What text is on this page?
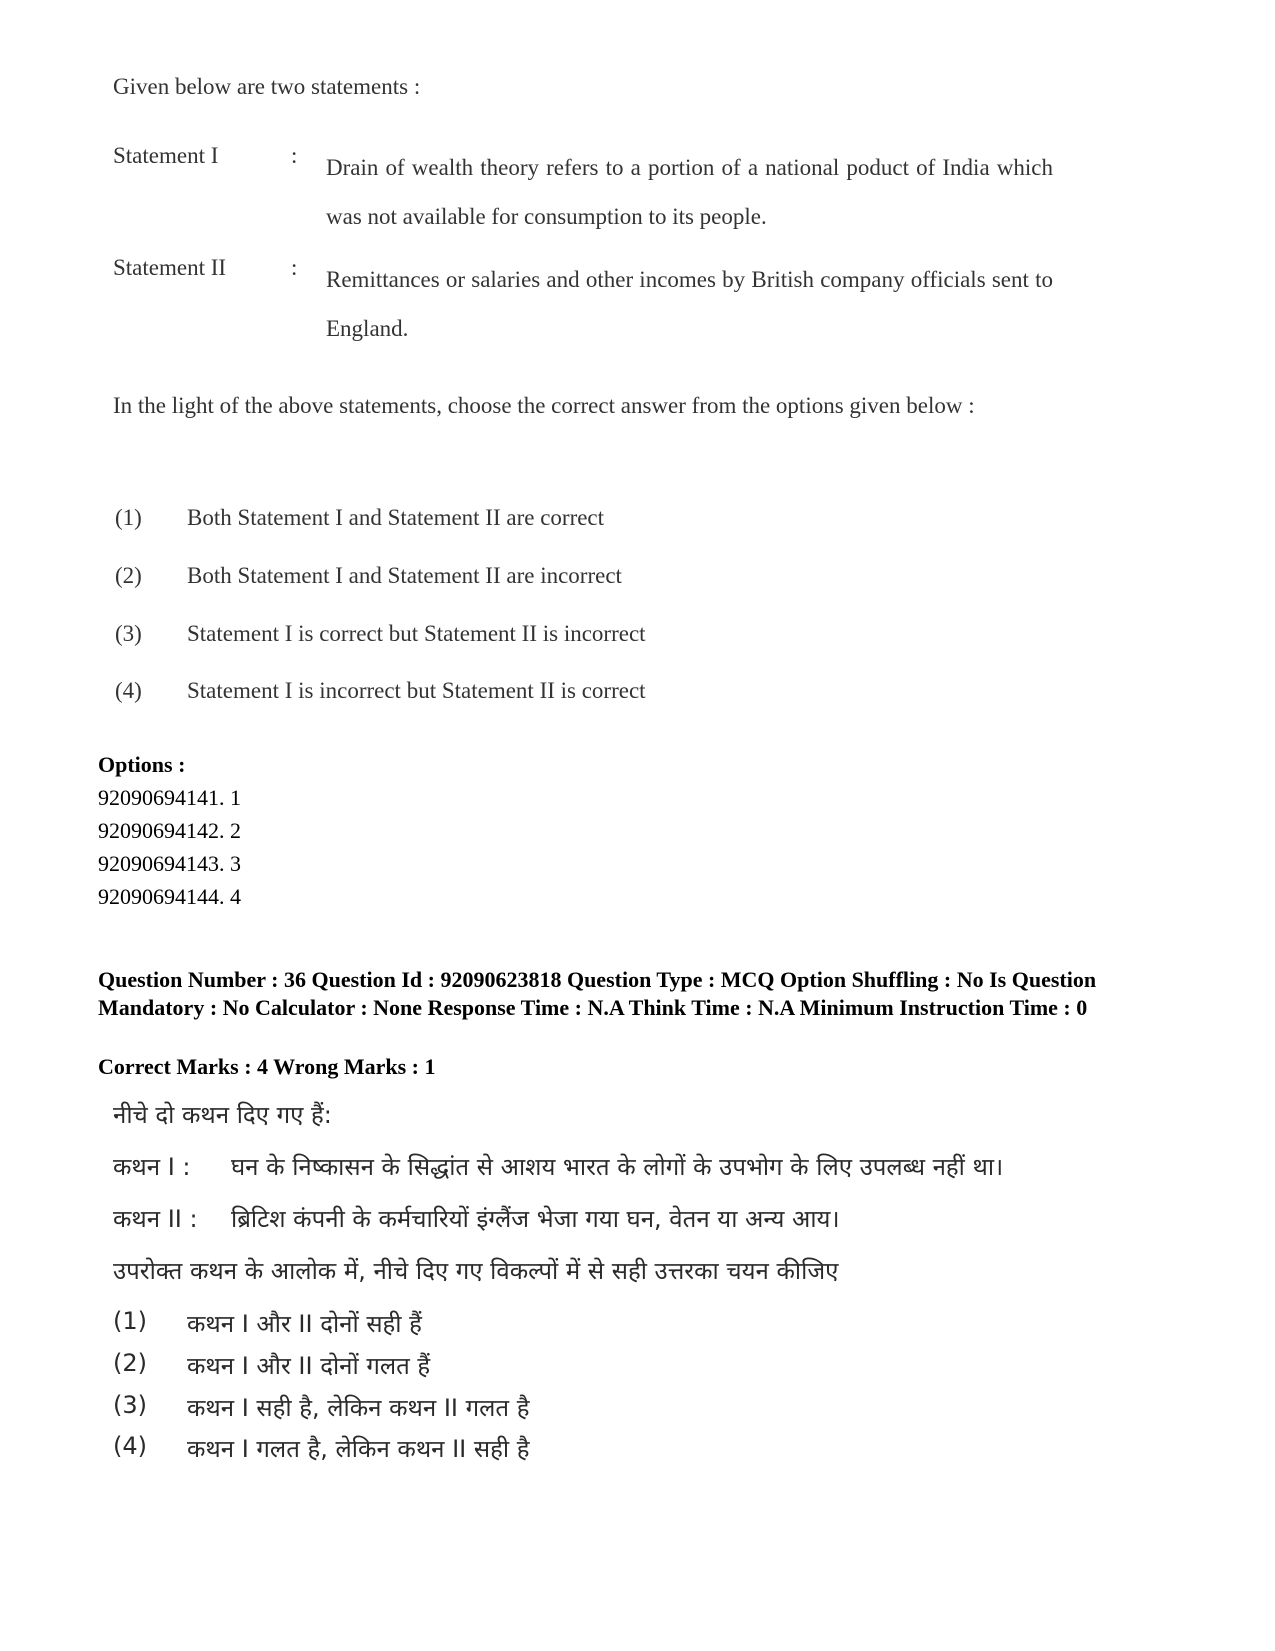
Given below are two statements :
Statement I	: Drain of wealth theory refers to a portion of a national poduct of India which was not available for consumption to its people.
Statement II	: Remittances or salaries and other incomes by British company officials sent to England.
In the light of the above statements, choose the correct answer from the options given below :
(1) Both Statement I and Statement II are correct
(2) Both Statement I and Statement II are incorrect
(3) Statement I is correct but Statement II is incorrect
(4) Statement I is incorrect but Statement II is correct
Options :
92090694141. 1
92090694142. 2
92090694143. 3
92090694144. 4
Question Number : 36 Question Id : 92090623818 Question Type : MCQ Option Shuffling : No Is Question Mandatory : No Calculator : None Response Time : N.A Think Time : N.A Minimum Instruction Time : 0
Correct Marks : 4 Wrong Marks : 1
नीचे दो कथन दिए गए हैं:
कथन I : घन के निष्कासन के सिद्धांत से आशय भारत के लोगों के उपभोग के लिए उपलब्ध नहीं था।
कथन II : ब्रिटिश कंपनी के कर्मचारियों इंग्लैंज भेजा गया घन, वेतन या अन्य आय।
उपरोक्त कथन के आलोक में, नीचे दिए गए विकल्पों में से सही उत्तरका चयन कीजिए
(1) कथन I और II दोनों सही हैं
(2) कथन I और II दोनों गलत हैं
(3) कथन I सही है, लेकिन कथन II गलत है
(4) कथन I गलत है, लेकिन कथन II सही है
